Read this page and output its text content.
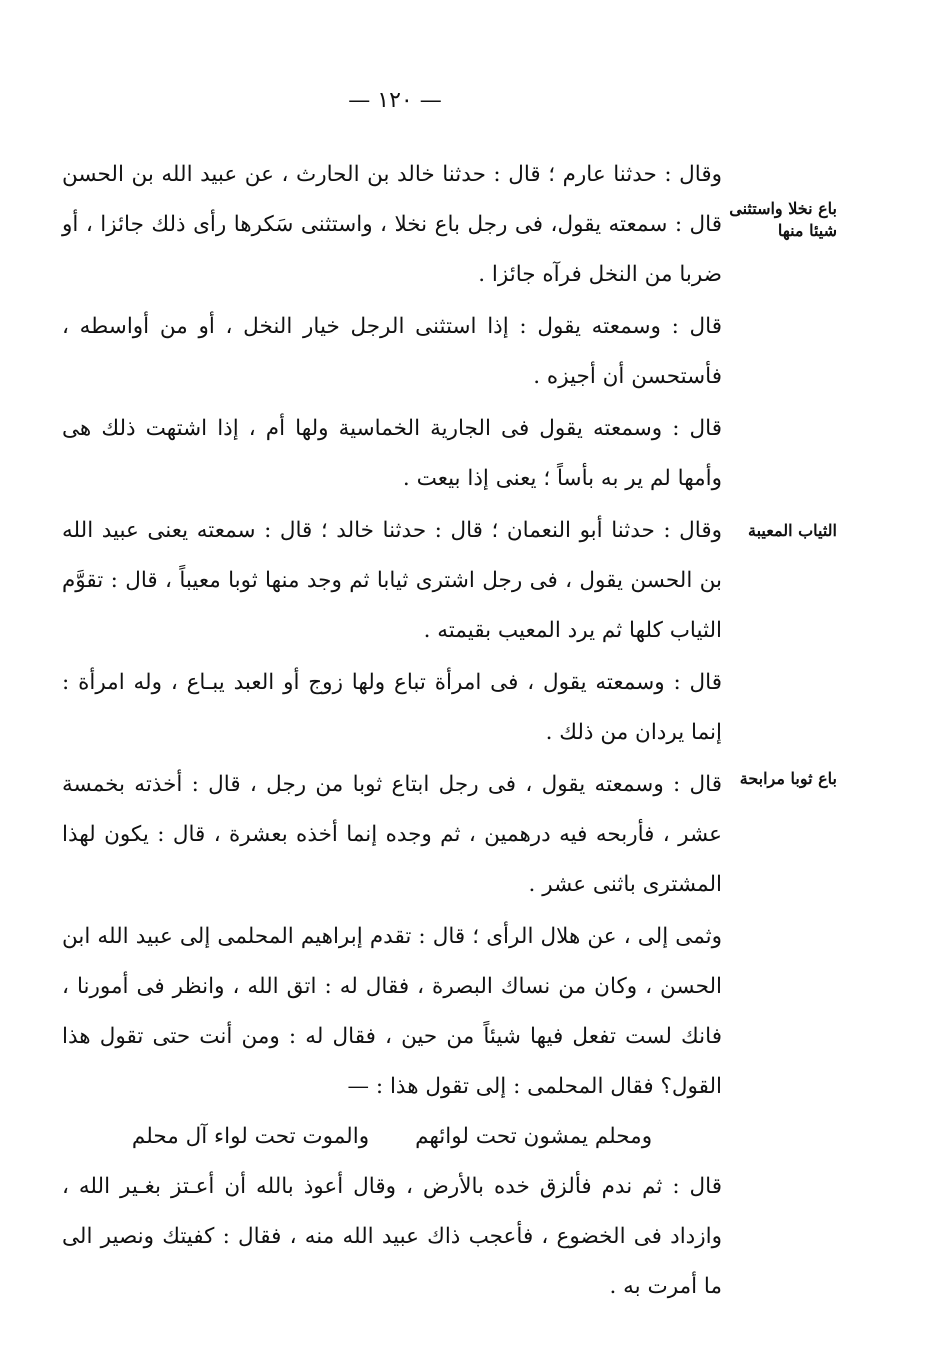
— ١٢٠ —
باع نخلا واستثنى شيئا منها
الثياب المعيبة
باع ثوبا مرابحة

وقال : حدثنا عارم ؛ قال : حدثنا خالد بن الحارث ، عن عبيد الله بن الحسن قال : سمعته يقول، فى رجل باع نخلا ، واستثنى سَكرها رأى ذلك جائزا ، أو ضربا من النخل فرآه جائزا .

قال : وسمعته يقول : إذا استثنى الرجل خيار النخل ، أو من أواسطه ، فأستحسن أن أجيزه .

قال : وسمعته يقول فى الجارية الخماسية ولها أم ، إذا اشتهت ذلك هى وأمها لم ير به بأساً ؛ يعنى إذا بيعت .

وقال : حدثنا أبو النعمان ؛ قال : حدثنا خالد ؛ قال : سمعته يعنى عبيد الله بن الحسن يقول ، فى رجل اشترى ثيابا ثم وجد منها ثوبا معيباً ، قال : تقوَّم الثياب كلها ثم يرد المعيب بقيمته .

قال : وسمعته يقول ، فى امرأة تباع ولها زوج أو العبد يبـاع ، وله امرأة : إنما يردان من ذلك .

قال : وسمعته يقول ، فى رجل ابتاع ثوبا من رجل ، قال : أخذته بخمسة عشر ، فأربحه فيه درهمين ، ثم وجده إنما أخذه بعشرة ، قال : يكون لهذا المشترى باثنى عشر .

وثمى إلى ، عن هلال الرأى ؛ قال : تقدم إبراهيم المحلمى إلى عبيد الله ابن الحسن ، وكان من نساك البصرة ، فقال له : اتق الله ، وانظر فى أمورنا ، فانك لست تفعل فيها شيئاً من حين ، فقال له : ومن أنت حتى تقول هذا القول؟ فقال المحلمى : إلى تقول هذا : —

ومحلم يمشون تحت لوائهم
والموت تحت لواء آل محلم

قال : ثم ندم فألزق خده بالأرض ، وقال أعوذ بالله أن أعـتز بغـير الله ، وازداد فى الخضوع ، فأعجب ذاك عبيد الله منه ، فقال : كفيتك ونصير الى ما أمرت به .
